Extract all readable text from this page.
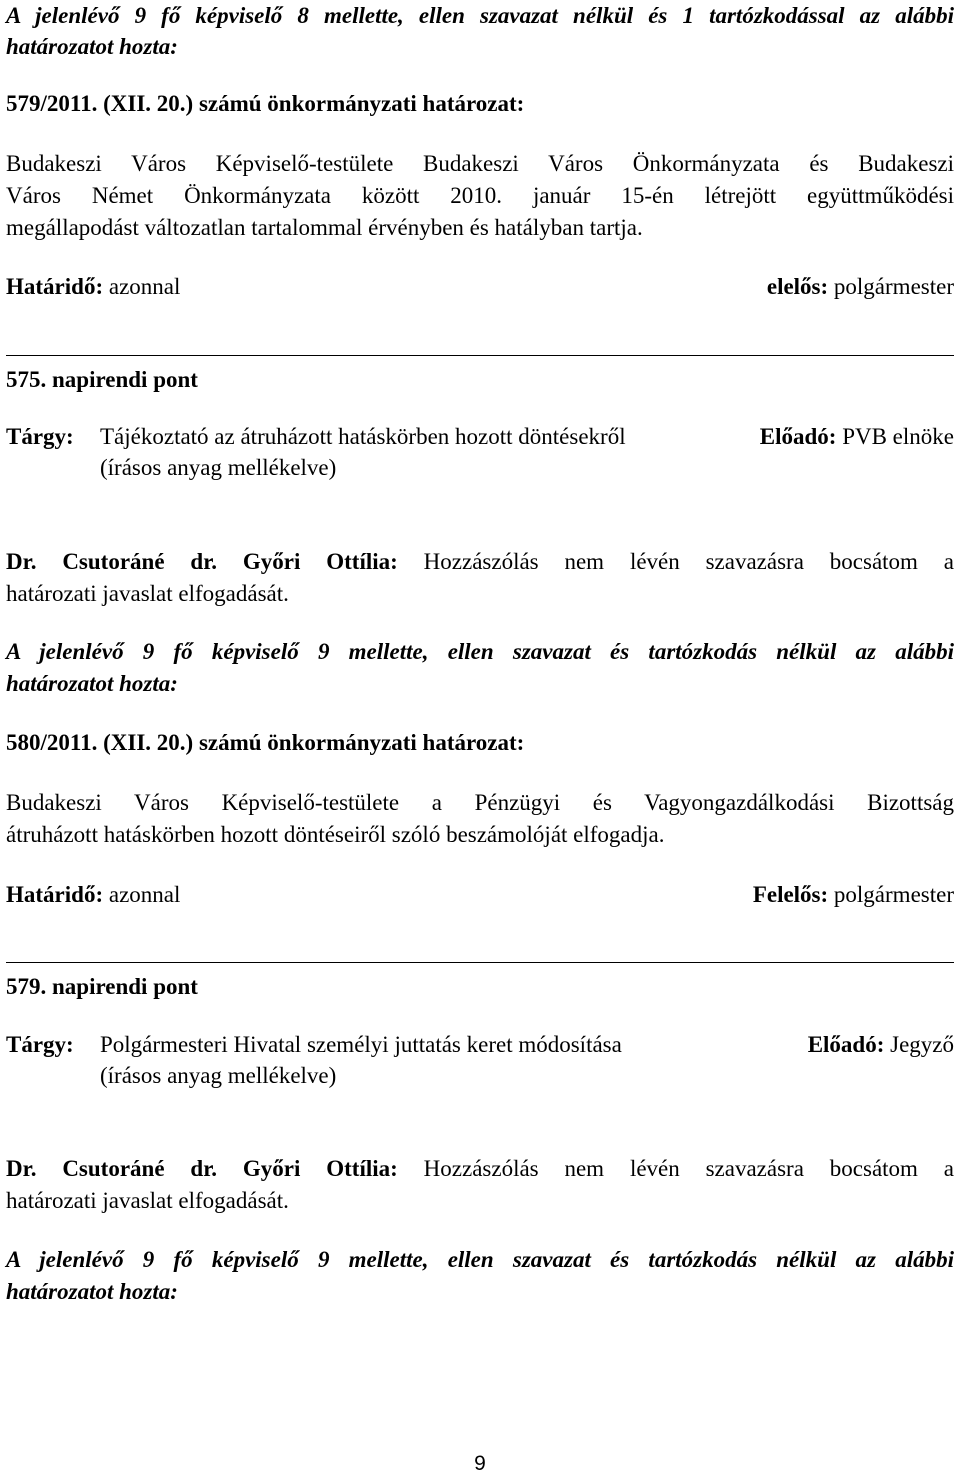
A jelenlévő 9 fő képviselő 8 mellette, ellen szavazat nélkül és 1 tartózkodással az alábbi
határozatot hozta:
579/2011. (XII. 20.) számú önkormányzati határozat:
Budakeszi Város Képviselő-testülete Budakeszi Város Önkormányzata és Budakeszi
Város Német Önkormányzata között 2010. január 15-én létrejött együttműködési
megállapodást változatlan tartalommal érvényben és hatályban tartja.
Határidő: azonnal	elelős: polgármester
575. napirendi pont
Tárgy: Tájékoztató az átruházott hatáskörben hozott döntésekről
(írásos anyag mellékelve)
Előadó: PVB elnöke
Dr. Csutoráné dr. Győri Ottília: Hozzászólás nem lévén szavazásra bocsátom a
határozati javaslat elfogadását.
A jelenlévő 9 fő képviselő 9 mellette, ellen szavazat és tartózkodás nélkül az alábbi
határozatot hozta:
580/2011. (XII. 20.) számú önkormányzati határozat:
Budakeszi Város Képviselő-testülete a Pénzügyi és Vagyongazdálkodási Bizottság
átruházott hatáskörben hozott döntéseiről szóló beszámolóját elfogadja.
Határidő: azonnal	Felelős: polgármester
579. napirendi pont
Tárgy: Polgármesteri Hivatal személyi juttatás keret módosítása
(írásos anyag mellékelve)
Előadó: Jegyző
Dr. Csutoráné dr. Győri Ottília: Hozzászólás nem lévén szavazásra bocsátom a
határozati javaslat elfogadását.
A jelenlévő 9 fő képviselő 9 mellette, ellen szavazat és tartózkodás nélkül az alábbi
határozatot hozta:
9
